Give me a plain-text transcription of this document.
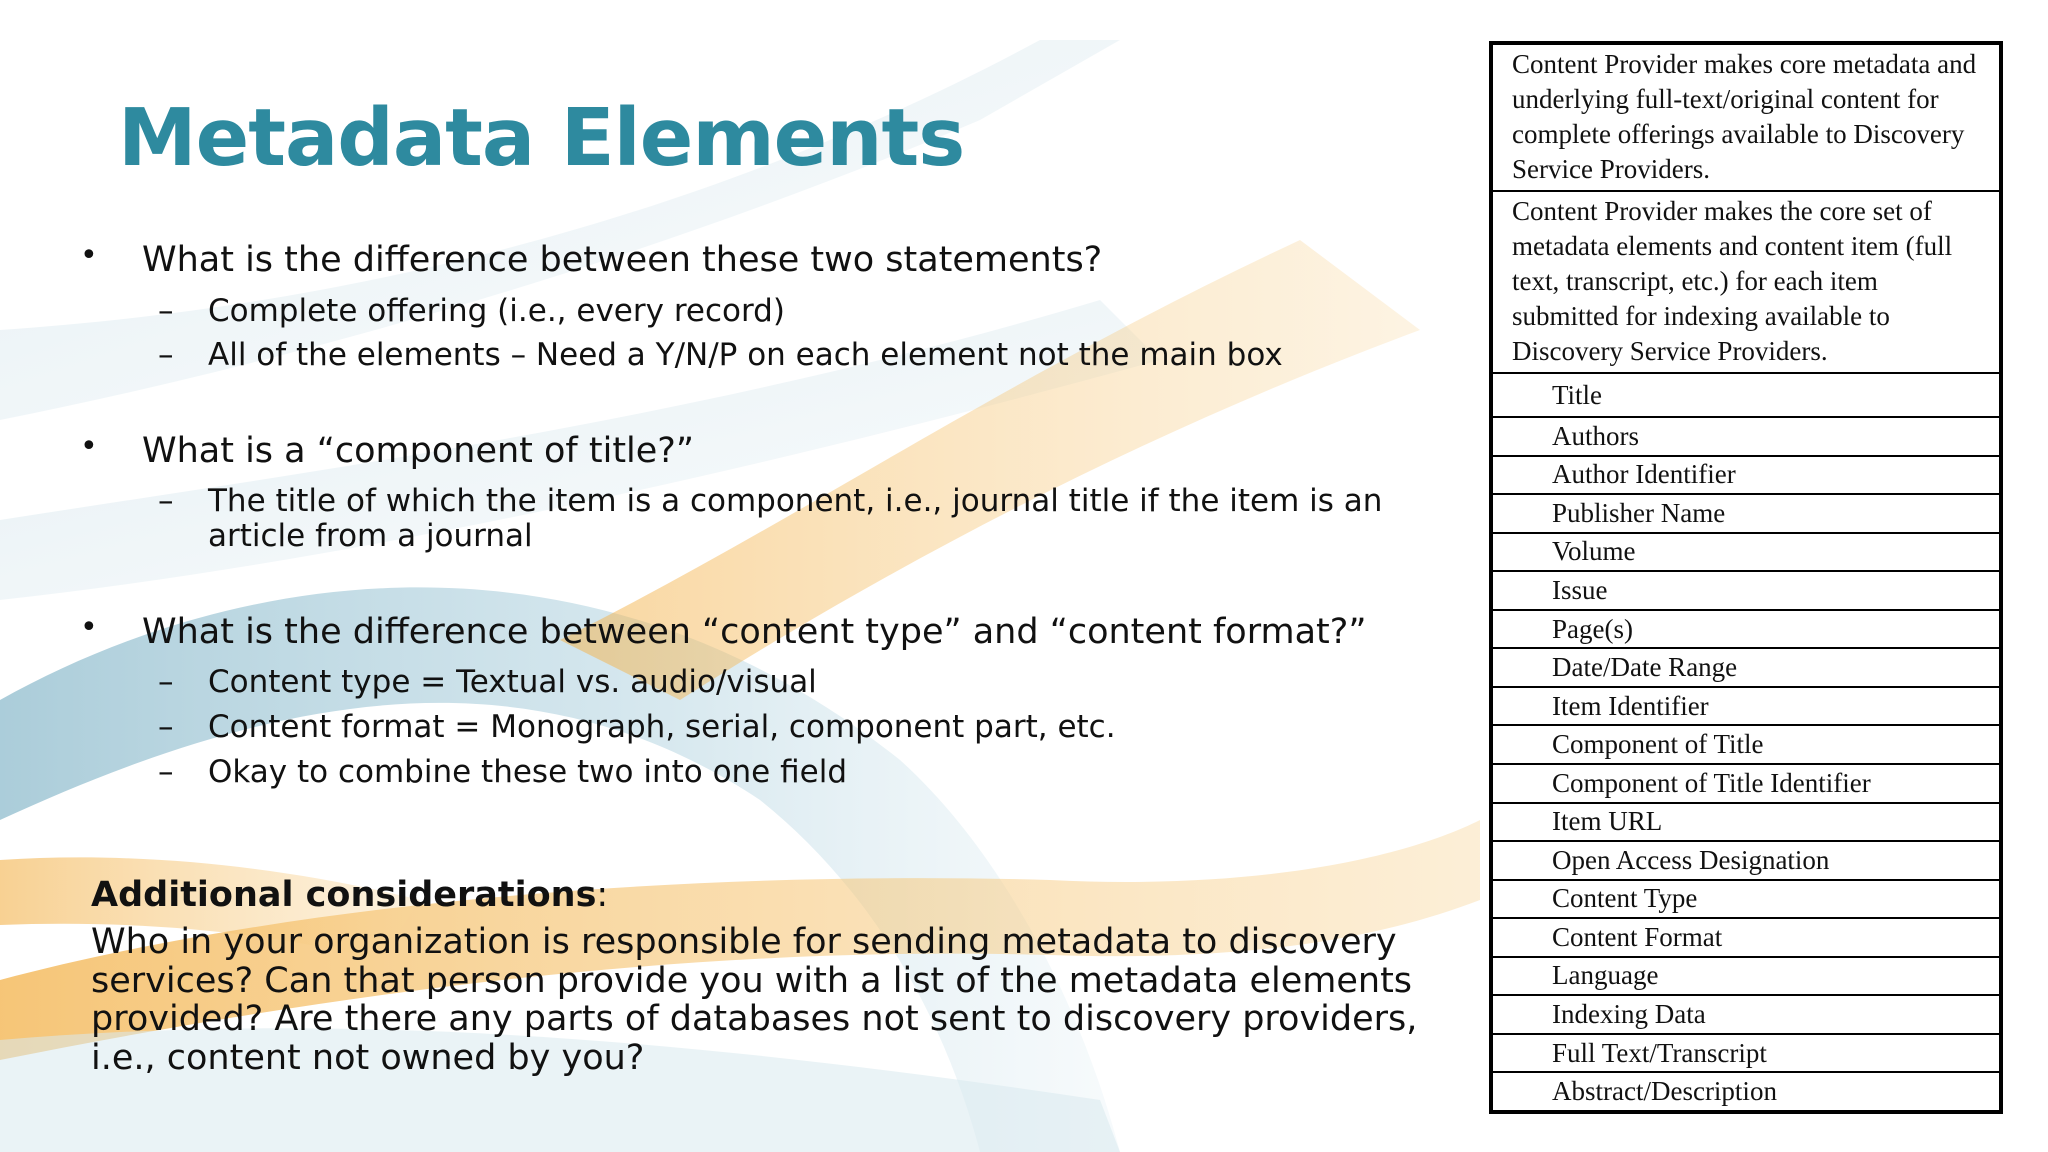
Metadata Elements
• What is the difference between these two statements?
– Complete offering (i.e., every record)
– All of the elements – Need a Y/N/P on each element not the main box
• What is a “component of title?”
– The title of which the item is a component, i.e., journal title if the item is an article from a journal
• What is the difference between “content type” and “content format?”
– Content type = Textual vs. audio/visual
– Content format = Monograph, serial, component part, etc.
– Okay to combine these two into one field
Additional considerations:
Who in your organization is responsible for sending metadata to discovery services? Can that person provide you with a list of the metadata elements provided? Are there any parts of databases not sent to discovery providers, i.e., content not owned by you?
Content Provider makes core metadata and underlying full-text/original content for complete offerings available to Discovery Service Providers.
Content Provider makes the core set of metadata elements and content item (full text, transcript, etc.) for each item submitted for indexing available to Discovery Service Providers.
Title
Authors
Author Identifier
Publisher Name
Volume
Issue
Page(s)
Date/Date Range
Item Identifier
Component of Title
Component of Title Identifier
Item URL
Open Access Designation
Content Type
Content Format
Language
Indexing Data
Full Text/Transcript
Abstract/Description
